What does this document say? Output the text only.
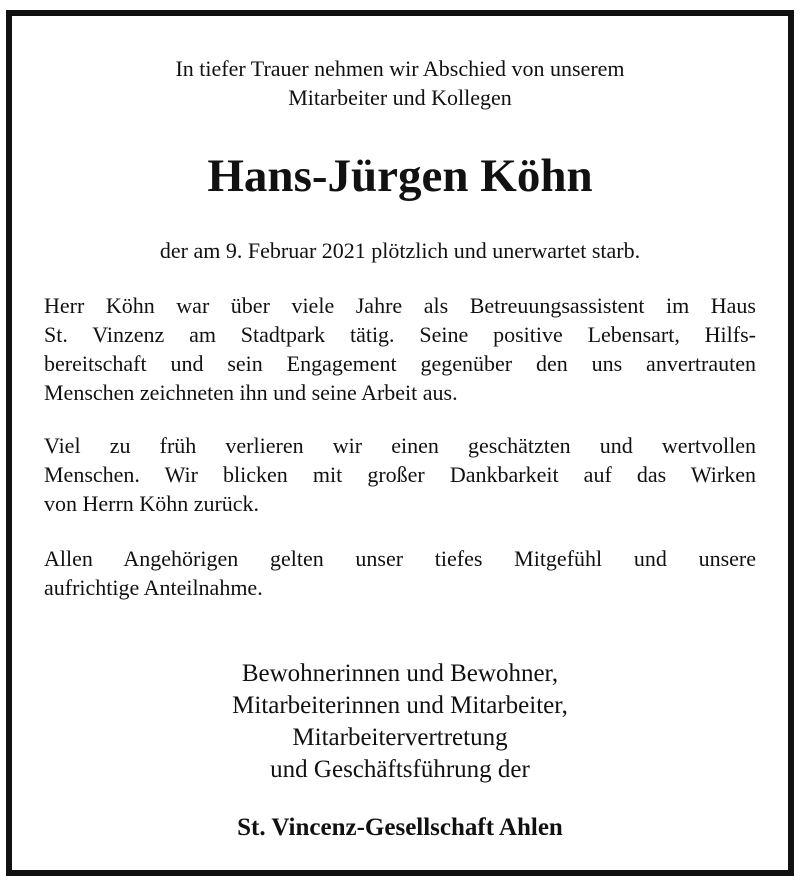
In tiefer Trauer nehmen wir Abschied von unserem
Mitarbeiter und Kollegen
Hans-Jürgen Köhn
der am 9. Februar 2021 plötzlich und unerwartet starb.
Herr Köhn war über viele Jahre als Betreuungsassistent im Haus
St. Vinzenz am Stadtpark tätig. Seine positive Lebensart, Hilfs-
bereitschaft und sein Engagement gegenüber den uns anvertrauten
Menschen zeichneten ihn und seine Arbeit aus.
Viel zu früh verlieren wir einen geschätzten und wertvollen
Menschen. Wir blicken mit großer Dankbarkeit auf das Wirken
von Herrn Köhn zurück.
Allen Angehörigen gelten unser tiefes Mitgefühl und unsere
aufrichtige Anteilnahme.
Bewohnerinnen und Bewohner,
Mitarbeiterinnen und Mitarbeiter,
Mitarbeitervertretung
und Geschäftsführung der
St. Vincenz-Gesellschaft Ahlen
